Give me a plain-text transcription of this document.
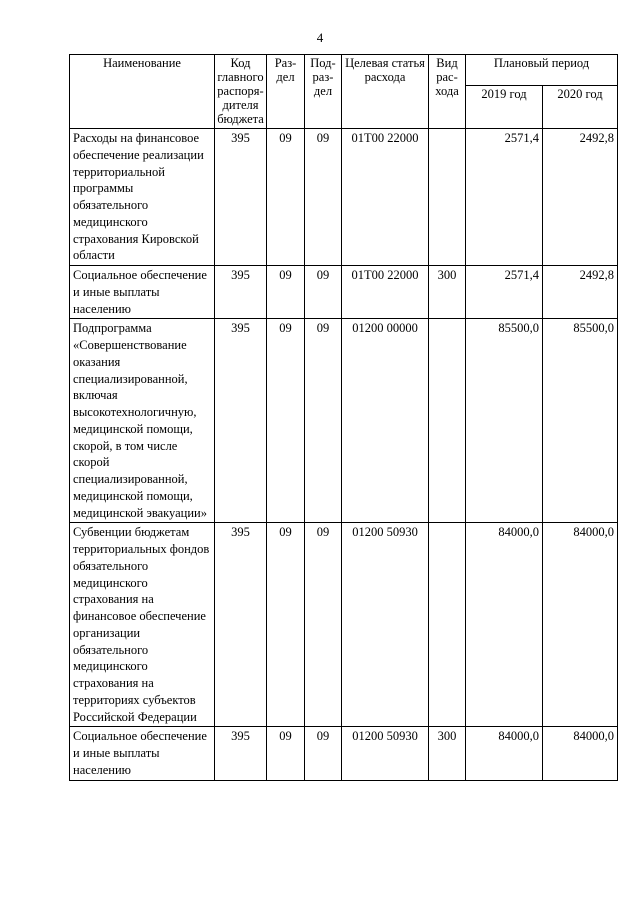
4
Наименование	Код главного распоря-дителя бюджета	Раз-дел	Под-раз-дел	Целевая статья расхода	Вид рас-хода	Плановый период	
						2019 год	2020 год
Расходы на финансовое обеспечение реализации территориальной программы обязательного медицинского страхования Кировской области	395	09	09	01Т00 22000		2571,4	2492,8
Социальное обеспечение и иные выплаты населению	395	09	09	01Т00 22000	300	2571,4	2492,8
Подпрограмма «Совершенствование оказания специализированной, включая высокотехнологичную, медицинской помощи, скорой, в том числе скорой специализированной, медицинской помощи, медицинской эвакуации»	395	09	09	01200 00000		85500,0	85500,0
Субвенции бюджетам территориальных фондов обязательного медицинского страхования на финансовое обеспечение организации обязательного медицинского страхования на территориях субъектов Российской Федерации	395	09	09	01200 50930		84000,0	84000,0
Социальное обеспечение и иные выплаты населению	395	09	09	01200 50930	300	84000,0	84000,0
